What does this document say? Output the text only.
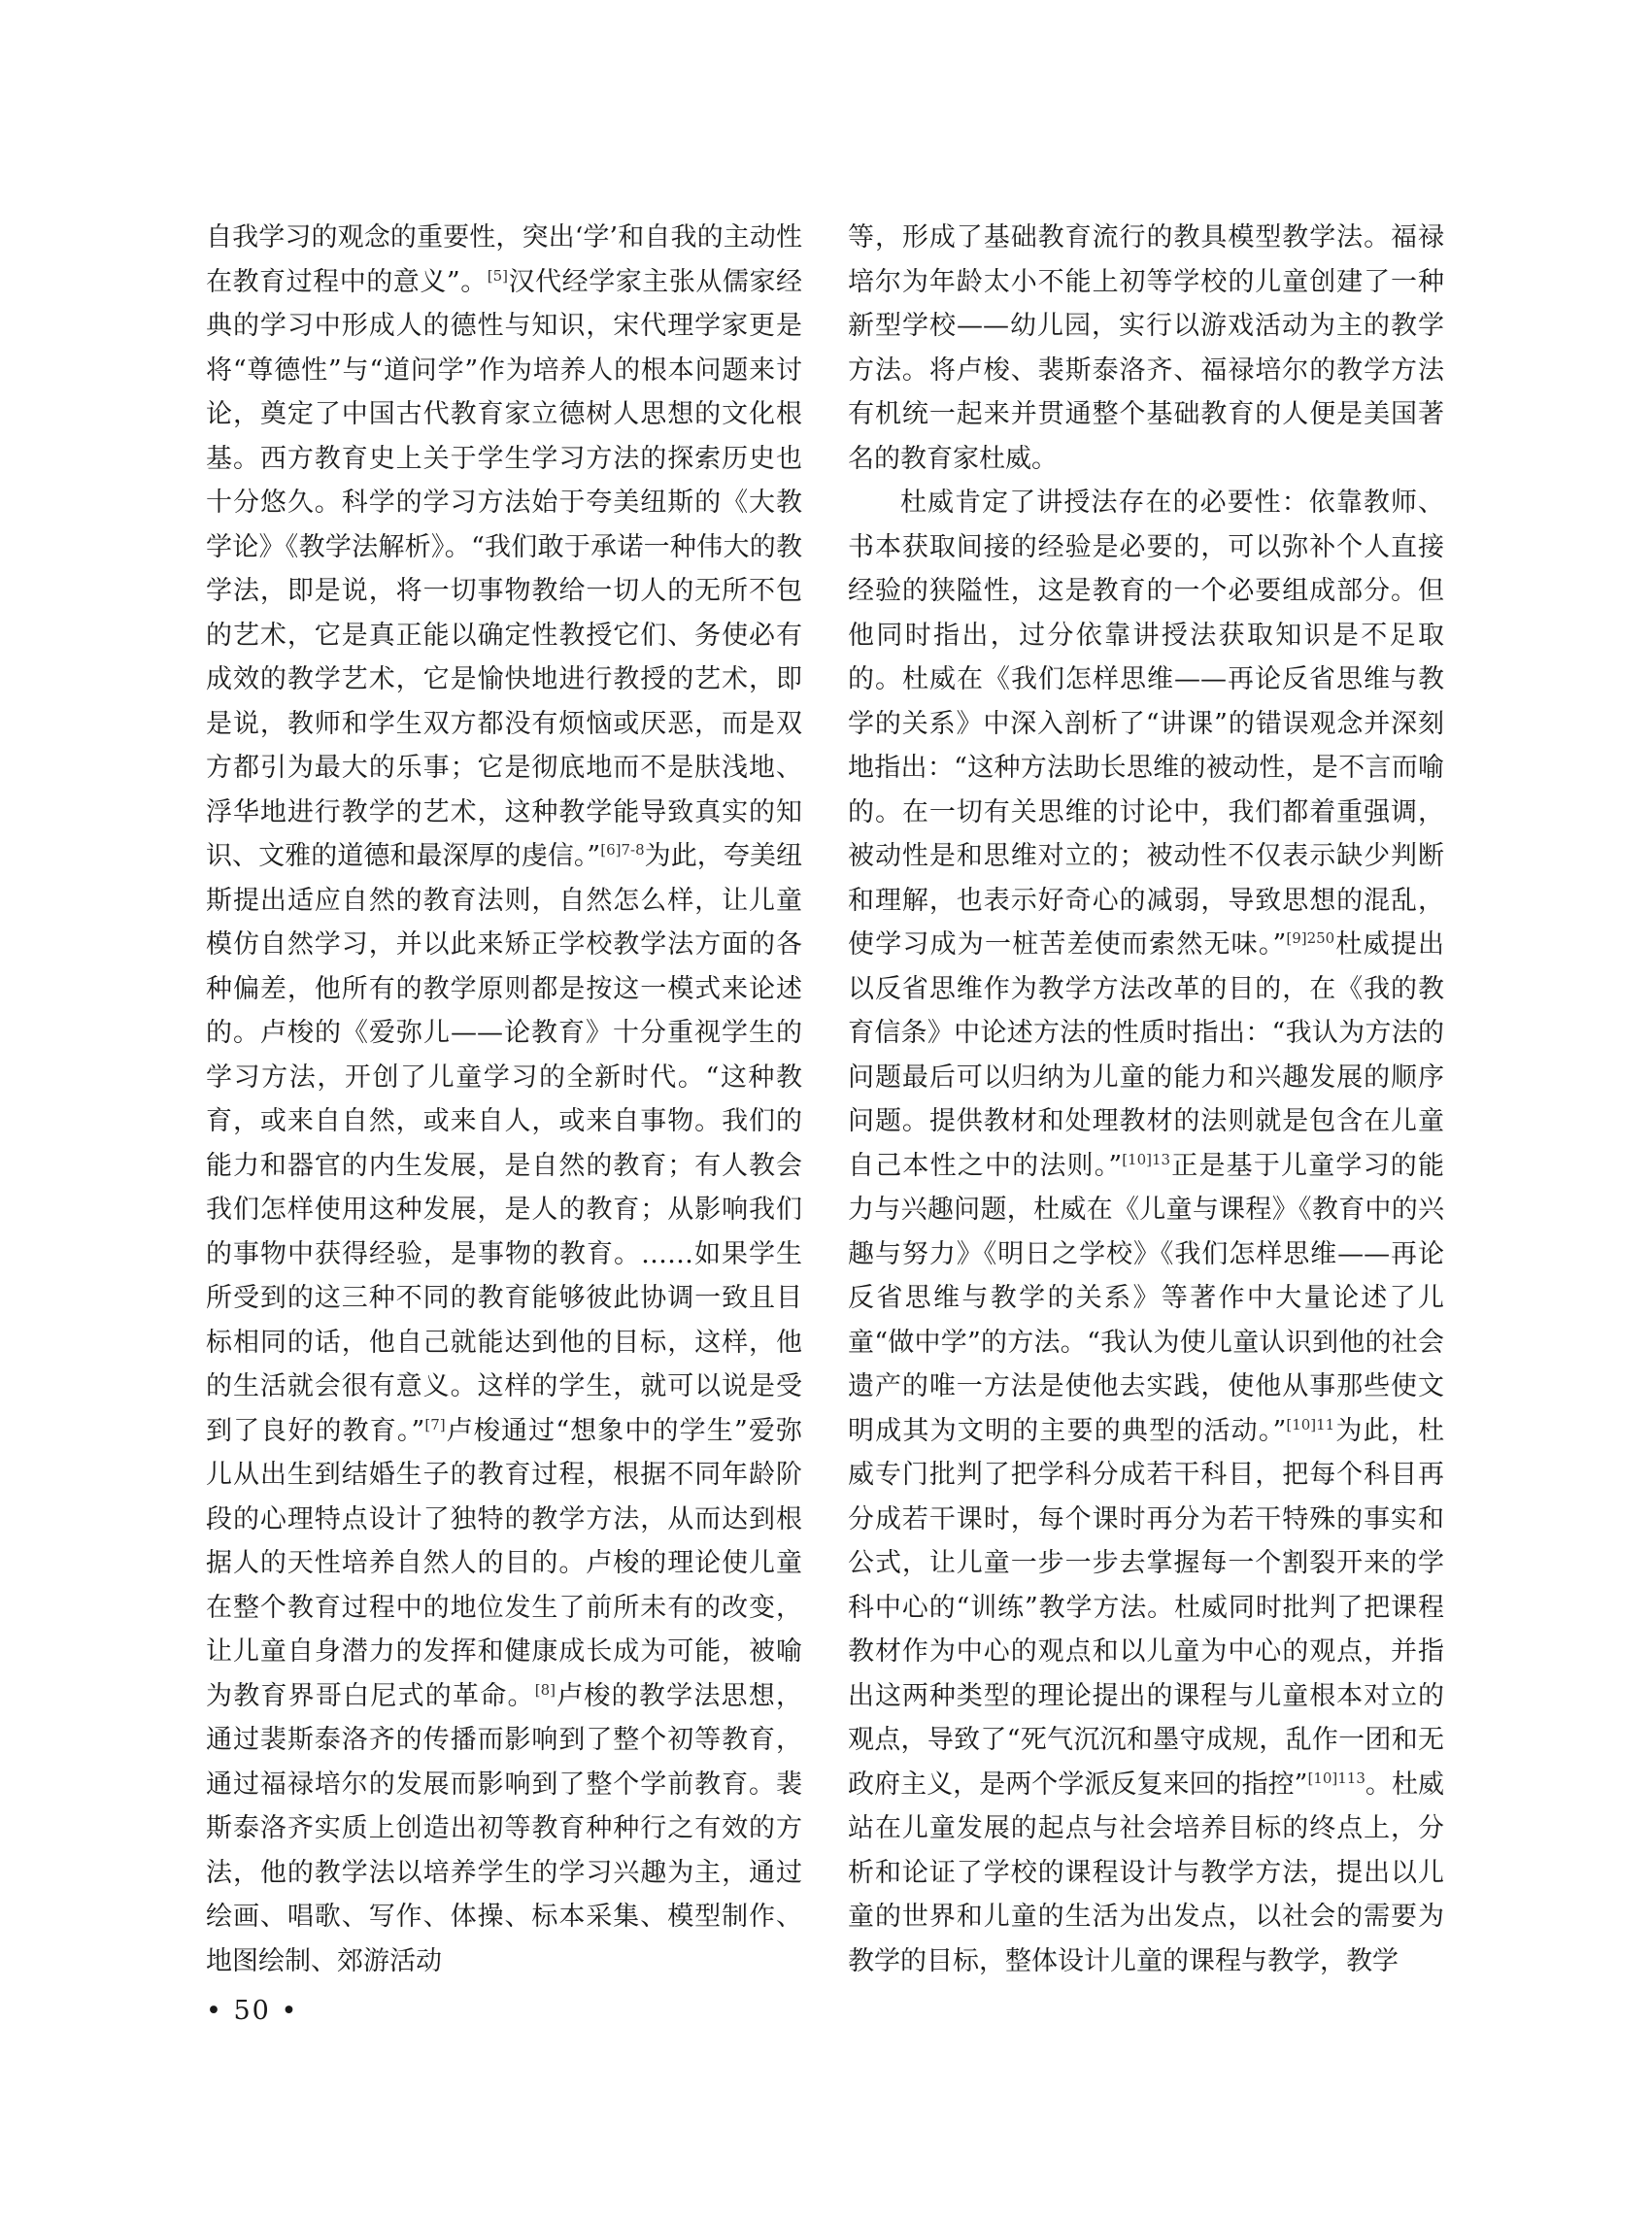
自我学习的观念的重要性，突出‘学’和自我的主动性在教育过程中的意义”。[5]汉代经学家主张从儒家经典的学习中形成人的德性与知识，宋代理学家更是将“尊德性”与“道问学”作为培养人的根本问题来讨论，奠定了中国古代教育家立德树人思想的文化根基。西方教育史上关于学生学习方法的探索历史也十分悠久。科学的学习方法始于夸美纽斯的《大教学论》《教学法解析》。“我们敢于承诺一种伟大的教学法，即是说，将一切事物教给一切人的无所不包的艺术，它是真正能以确定性教授它们、务使必有成效的教学艺术，它是愉快地进行教授的艺术，即是说，教师和学生双方都没有烦恼或厌恶，而是双方都引为最大的乐事；它是彻底地而不是肤浅地、浮华地进行教学的艺术，这种教学能导致真实的知识、文雅的道德和最深厚的虔信。”$^{[6]7-8}$为此，夸美纽斯提出适应自然的教育法则，自然怎么样，让儿童模仿自然学习，并以此来矫正学校教学法方面的各种偏差，他所有的教学原则都是按这一模式来论述的。卢梭的《爱弥儿——论教育》十分重视学生的学习方法，开创了儿童学习的全新时代。“这种教育，或来自自然，或来自人，或来自事物。我们的能力和器官的内生发展，是自然的教育；有人教会我们怎样使用这种发展，是人的教育；从影响我们的事物中获得经验，是事物的教育。……如果学生所受到的这三种不同的教育能够彼此协调一致且目标相同的话，他自己就能达到他的目标，这样，他的生活就会很有意义。这样的学生，就可以说是受到了良好的教育。”[7]卢梭通过“想象中的学生”爱弥儿从出生到结婚生子的教育过程，根据不同年龄阶段的心理特点设计了独特的教学方法，从而达到根据人的天性培养自然人的目的。卢梭的理论使儿童在整个教育过程中的地位发生了前所未有的改变，让儿童自身潜力的发挥和健康成长成为可能，被喻为教育界哥白尼式的革命。[8]卢梭的教学法思想，通过裴斯泰洛齐的传播而影响到了整个初等教育，通过福禄培尔的发展而影响到了整个学前教育。裴斯泰洛齐实质上创造出初等教育种种行之有效的方法，他的教学法以培养学生的学习兴趣为主，通过绘画、唱歌、写作、体操、标本采集、模型制作、地图绘制、郊游活动

等，形成了基础教育流行的教具模型教学法。福禄培尔为年龄太小不能上初等学校的儿童创建了一种新型学校——幼儿园，实行以游戏活动为主的教学方法。将卢梭、裴斯泰洛齐、福禄培尔的教学方法有机统一起来并贯通整个基础教育的人便是美国著名的教育家杜威。

杜威肯定了讲授法存在的必要性：依靠教师、书本获取间接的经验是必要的，可以弥补个人直接经验的狭隘性，这是教育的一个必要组成部分。但他同时指出，过分依靠讲授法获取知识是不足取的。杜威在《我们怎样思维——再论反省思维与教学的关系》中深入剖析了“讲课”的错误观念并深刻地指出：“这种方法助长思维的被动性，是不言而喻的。在一切有关思维的讨论中，我们都着重强调，被动性是和思维对立的；被动性不仅表示缺少判断和理解，也表示好奇心的减弱，导致思想的混乱，使学习成为一桩苦差使而索然无味。”$^{[9]250}$杜威提出以反省思维作为教学方法改革的目的，在《我的教育信条》中论述方法的性质时指出：“我认为方法的问题最后可以归纳为儿童的能力和兴趣发展的顺序问题。提供教材和处理教材的法则就是包含在儿童自己本性之中的法则。”$^{[10]13}$正是基于儿童学习的能力与兴趣问题，杜威在《儿童与课程》《教育中的兴趣与努力》《明日之学校》《我们怎样思维——再论反省思维与教学的关系》等著作中大量论述了儿童“做中学”的方法。“我认为使儿童认识到他的社会遗产的唯一方法是使他去实践，使他从事那些使文明成其为文明的主要的典型的活动。”$^{[10]11}$为此，杜威专门批判了把学科分成若干科目，把每个科目再分成若干课时，每个课时再分为若干特殊的事实和公式，让儿童一步一步去掌握每一个割裂开来的学科中心的“训练”教学方法。杜威同时批判了把课程教材作为中心的观点和以儿童为中心的观点，并指出这两种类型的理论提出的课程与儿童根本对立的观点，导致了“死气沉沉和墨守成规，乱作一团和无政府主义，是两个学派反复来回的指控”$^{[10]113}$。杜威站在儿童发展的起点与社会培养目标的终点上，分析和论证了学校的课程设计与教学方法，提出以儿童的世界和儿童的生活为出发点，以社会的需要为教学的目标，整体设计儿童的课程与教学，教学

• 50 •
